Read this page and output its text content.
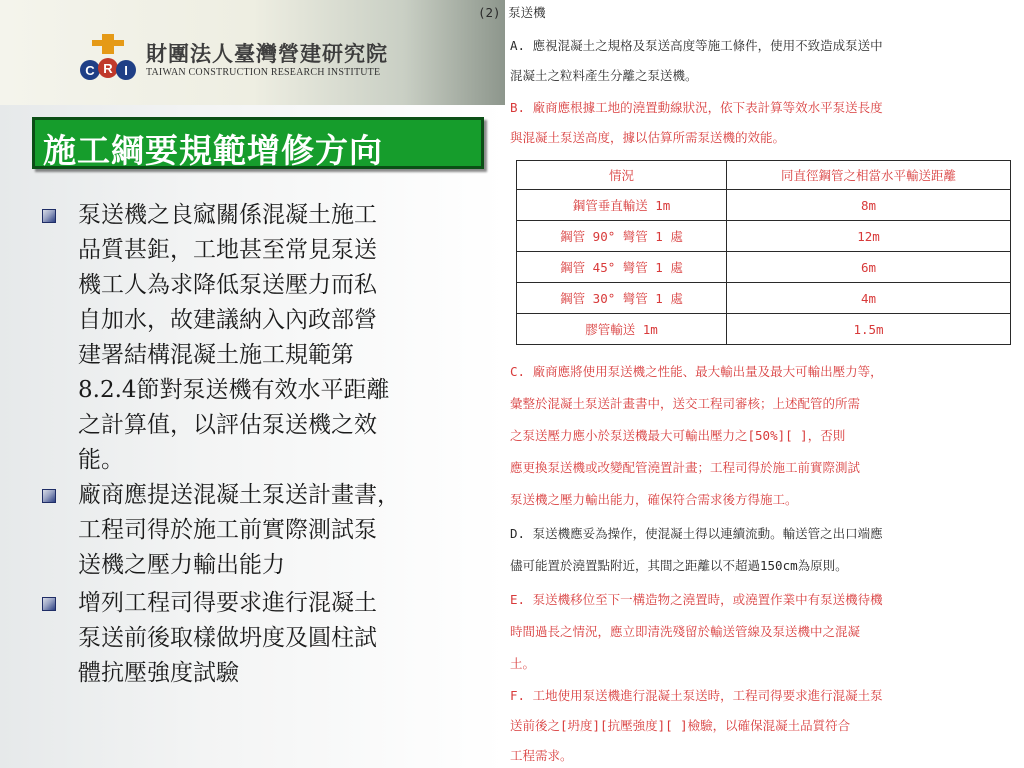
C R I
財團法人臺灣營建研究院
TAIWAN CONSTRUCTION RESEARCH INSTITUTE
施工綱要規範增修方向
泵送機之良窳關係混凝土施工
品質甚鉅，工地甚至常見泵送
機工人為求降低泵送壓力而私
自加水，故建議納入內政部營
建署結構混凝土施工規範第
8.2.4節對泵送機有效水平距離
之計算值，以評估泵送機之效
能。
廠商應提送混凝土泵送計畫書，
工程司得於施工前實際測試泵
送機之壓力輸出能力
增列工程司得要求進行混凝土
泵送前後取樣做坍度及圓柱試
體抗壓強度試驗
(2) 泵送機
A. 應視混凝土之規格及泵送高度等施工條件，使用不致造成泵送中
混凝土之粒料產生分離之泵送機。
B. 廠商應根據工地的澆置動線狀況，依下表計算等效水平泵送長度
與混凝土泵送高度，據以估算所需泵送機的效能。
情況	同直徑鋼管之相當水平輸送距離
鋼管垂直輸送 1m	8m
鋼管 90° 彎管 1 處	12m
鋼管 45° 彎管 1 處	6m
鋼管 30° 彎管 1 處	4m
膠管輸送 1m	1.5m
C. 廠商應將使用泵送機之性能、最大輸出量及最大可輸出壓力等，
彙整於混凝土泵送計畫書中，送交工程司審核；上述配管的所需
之泵送壓力應小於泵送機最大可輸出壓力之[50%][ ]，否則
應更換泵送機或改變配管澆置計畫；工程司得於施工前實際測試
泵送機之壓力輸出能力，確保符合需求後方得施工。
D. 泵送機應妥為操作，使混凝土得以連續流動。輸送管之出口端應
儘可能置於澆置點附近，其間之距離以不超過150cm為原則。
E. 泵送機移位至下一構造物之澆置時，或澆置作業中有泵送機待機
時間過長之情況，應立即清洗殘留於輸送管線及泵送機中之混凝
土。
F. 工地使用泵送機進行混凝土泵送時，工程司得要求進行混凝土泵
送前後之[坍度][抗壓強度][ ]檢驗，以確保混凝土品質符合
工程需求。
